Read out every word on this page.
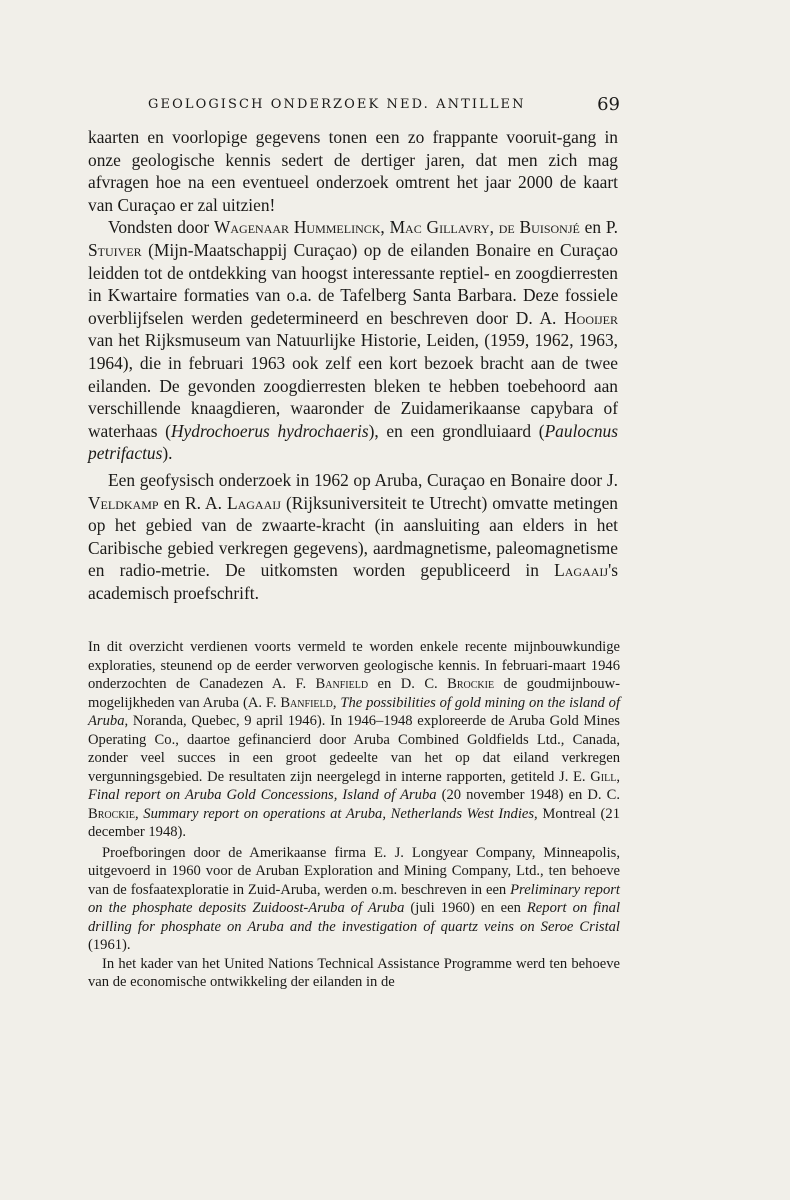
GEOLOGISCH ONDERZOEK NED. ANTILLEN	69

kaarten en voorlopige gegevens tonen een zo frappante vooruit-gang in onze geologische kennis sedert de dertiger jaren, dat men zich mag afvragen hoe na een eventueel onderzoek omtrent het jaar 2000 de kaart van Curaçao er zal uitzien!

Vondsten door Wagenaar Hummelinck, Mac Gillavry, de Buisonjé en P. Stuiver (Mijn-Maatschappij Curaçao) op de eilanden Bonaire en Curaçao leidden tot de ontdekking van hoogst interessante reptiel- en zoogdierresten in Kwartaire formaties van o.a. de Tafelberg Santa Barbara. Deze fossiele overblijfselen werden gedetermineerd en beschreven door D. A. Hooijer van het Rijksmuseum van Natuurlijke Historie, Leiden, (1959, 1962, 1963, 1964), die in februari 1963 ook zelf een kort bezoek bracht aan de twee eilanden. De gevonden zoogdierresten bleken te hebben toebehoord aan verschillende knaagdieren, waaronder de Zuidamerikaanse capybara of waterhaas (Hydrochoerus hydrochaeris), en een grondluiaard (Paulocnus petrifactus).

Een geofysisch onderzoek in 1962 op Aruba, Curaçao en Bonaire door J. Veldkamp en R. A. Lagaaij (Rijksuniversiteit te Utrecht) omvatte metingen op het gebied van de zwaarte-kracht (in aansluiting aan elders in het Caribische gebied verkregen gegevens), aardmagnetisme, paleomagnetisme en radio-metrie. De uitkomsten worden gepubliceerd in Lagaaij's academisch proefschrift.

In dit overzicht verdienen voorts vermeld te worden enkele recente mijnbouwkundige exploraties, steunend op de eerder verworven geologische kennis. In februari-maart 1946 onderzochten de Canadezen A. F. Banfield en D. C. Brockie de goudmijnbouw-mogelijkheden van Aruba (A. F. Banfield, The possibilities of gold mining on the island of Aruba, Noranda, Quebec, 9 april 1946). In 1946–1948 exploreerde de Aruba Gold Mines Operating Co., daartoe gefinancierd door Aruba Combined Goldfields Ltd., Canada, zonder veel succes in een groot gedeelte van het op dat eiland verkregen vergunningsgebied. De resultaten zijn neergelegd in interne rapporten, getiteld J. E. Gill, Final report on Aruba Gold Concessions, Island of Aruba (20 november 1948) en D. C. Brockie, Summary report on operations at Aruba, Netherlands West Indies, Montreal (21 december 1948).

Proefboringen door de Amerikaanse firma E. J. Longyear Company, Minneapolis, uitgevoerd in 1960 voor de Aruban Exploration and Mining Company, Ltd., ten behoeve van de fosfaatexploratie in Zuid-Aruba, werden o.m. beschreven in een Preliminary report on the phosphate deposits Zuidoost-Aruba of Aruba (juli 1960) en een Report on final drilling for phosphate on Aruba and the investigation of quartz veins on Seroe Cristal (1961).

In het kader van het United Nations Technical Assistance Programme werd ten behoeve van de economische ontwikkeling der eilanden in de
